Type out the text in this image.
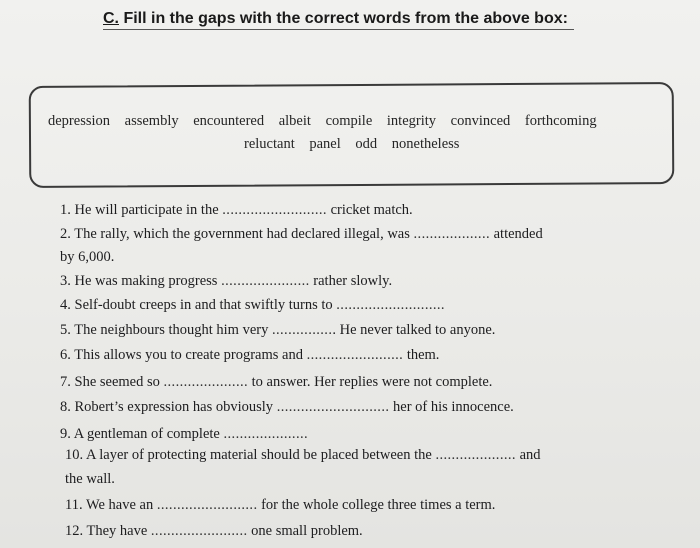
C. Fill in the gaps with the correct words from the above box:
depression assembly encountered albeit compile integrity convinced forthcoming
reluctant panel odd nonetheless
1. He will participate in the .......................... cricket match.
2. The rally, which the government had declared illegal, was ................... attended
by 6,000.
3. He was making progress ...................... rather slowly.
4. Self-doubt creeps in and that swiftly turns to ...........................
5. The neighbours thought him very ................ He never talked to anyone.
6. This allows you to create programs and ........................ them.
7. She seemed so ..................... to answer. Her replies were not complete.
8. Robert’s expression has obviously ............................ her of his innocence.
9. A gentleman of complete .....................
10. A layer of protecting material should be placed between the .................... and
the wall.
11. We have an ......................... for the whole college three times a term.
12. They have ........................ one small problem.
